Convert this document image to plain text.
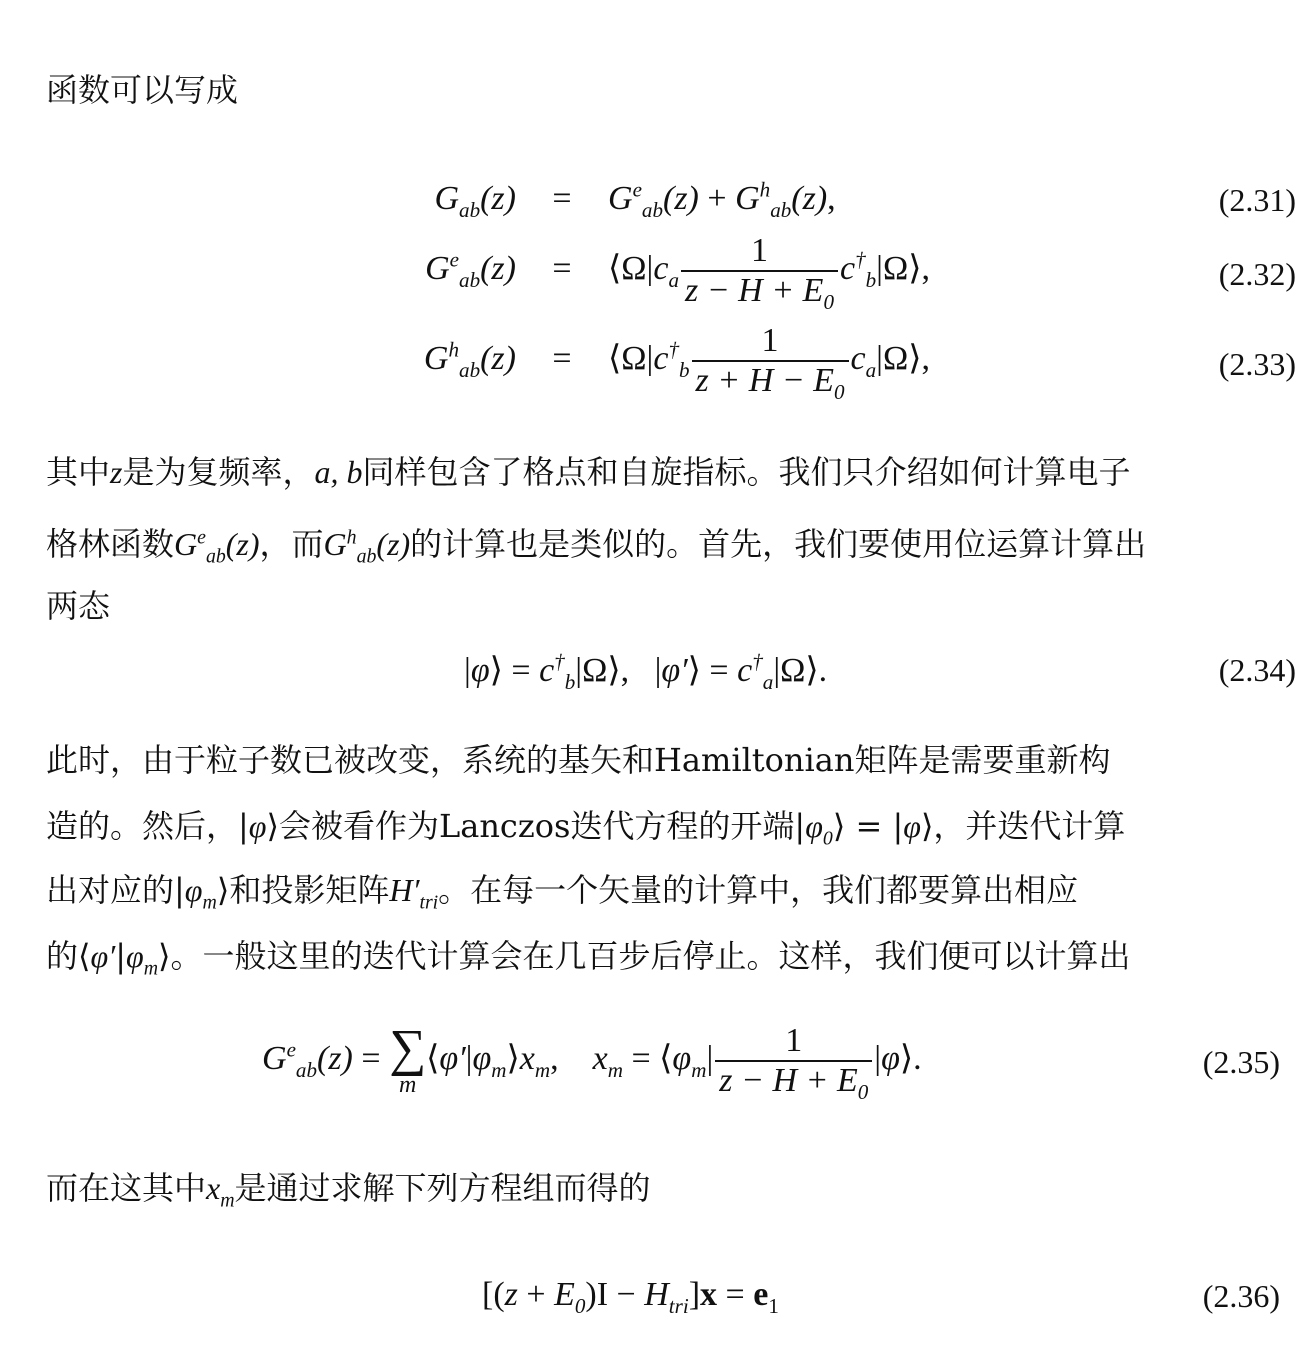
函数可以写成
$G_{ab}(z) = G^e_{ab}(z) + G^h_{ab}(z)$,	(2.31)
$G^e_{ab}(z)$ = $⟨\Omega|c_a \frac{1}{z - H + E_0}$ $c^\dagger_b|\Omega⟩$,	(2.32)
$G^h_{ab}(z)$ = $⟨\Omega|c^\dagger_b \frac{1}{z + H - E_0}$ $c_a|\Omega⟩$,	(2.33)
其中z是为复频率，a, b同样包含了格点和自旋指标。我们只介绍如何计算电子
格林函数$G^e_{ab}(z)$，而$G^h_{ab}(z)$的计算也是类似的。首先，我们要使用位运算计算出
两态
|φ⟩ = $c^\dagger_b|\Omega⟩$,   |φ′⟩ = $c^\dagger_a|\Omega⟩$.	(2.34)
此时，由于粒子数已被改变，系统的基矢和Hamiltonian矩阵是需要重新构
造的。然后，|φ⟩会被看作为Lanczos迭代方程的开端$|\varphi_0⟩$ = |φ⟩，并迭代计算
出对应的$|\varphi_m⟩$和投影矩阵$H'_{tri}$。在每一个矢量的计算中，我们都要算出相应
的$⟨\varphi'|\varphi_m⟩$。一般这里的迭代计算会在几百步后停止。这样，我们便可以计算出
$G^e_{ab}(z)$ = ∑
m
$⟨\varphi'|\varphi_m⟩x_m$,    $x_m$ = $⟨\varphi_m| \frac{1}{z - H + E_0}$ |φ⟩.	(2.35)
而在这其中$x_m$是通过求解下列方程组而得的
$[(z + E_0)I - H_{tri}]x = e_1$	(2.36)
